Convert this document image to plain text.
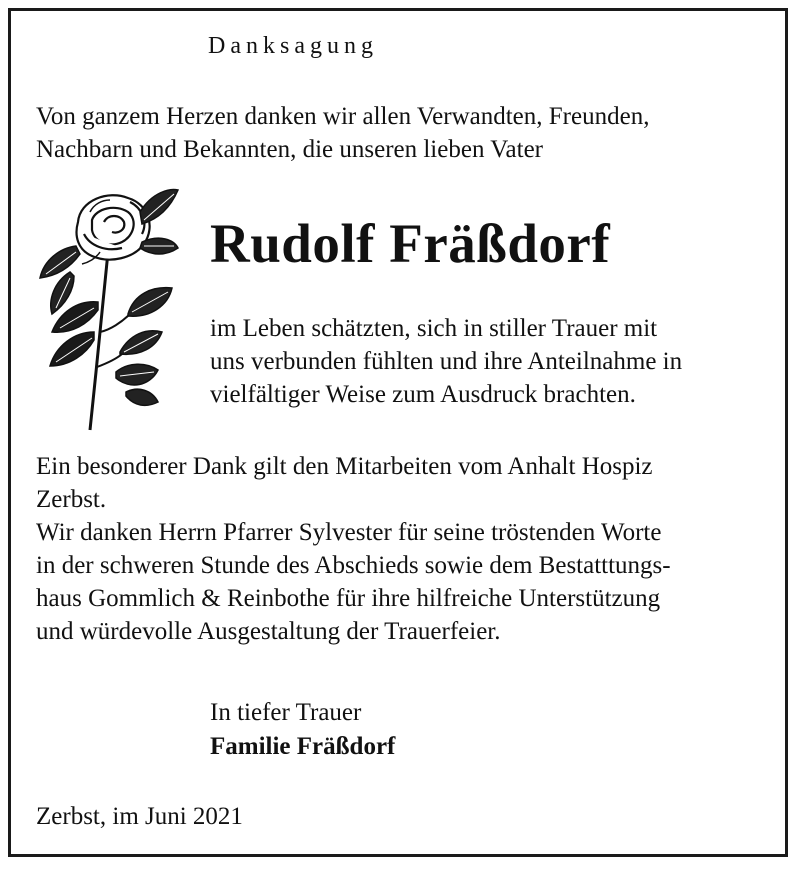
Danksagung

Von ganzem Herzen danken wir allen Verwandten, Freunden,
Nachbarn und Bekannten, die unseren lieben Vater

Rudolf Fräßdorf

im Leben schätzten, sich in stiller Trauer mit
uns verbunden fühlten und ihre Anteilnahme in
vielfältiger Weise zum Ausdruck brachten.

Ein besonderer Dank gilt den Mitarbeiten vom Anhalt Hospiz
Zerbst.
Wir danken Herrn Pfarrer Sylvester für seine tröstenden Worte
in der schweren Stunde des Abschieds sowie dem Bestatttungs-
haus Gommlich & Reinbothe für ihre hilfreiche Unterstützung
und würdevolle Ausgestaltung der Trauerfeier.

In tiefer Trauer

Familie Fräßdorf

Zerbst, im Juni 2021
